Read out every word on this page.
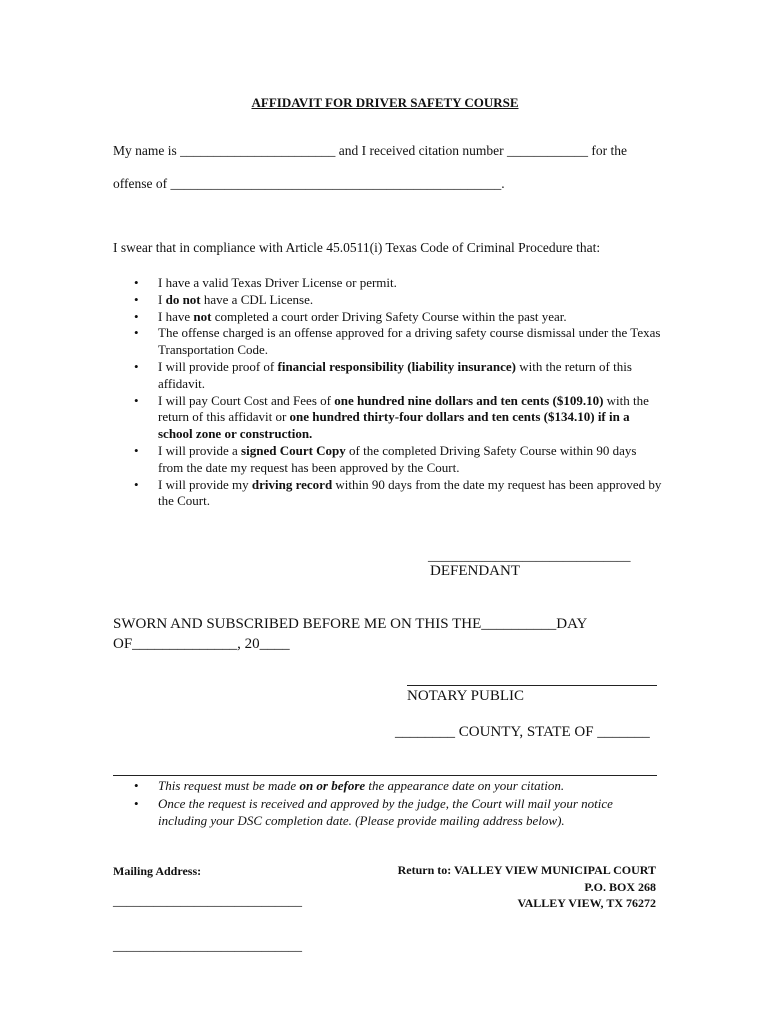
AFFIDAVIT FOR DRIVER SAFETY COURSE
My name is _______________________ and I received citation number ____________ for the
offense of _________________________________________________.
I swear that in compliance with Article 45.0511(i) Texas Code of Criminal Procedure that:
• I have a valid Texas Driver License or permit.
• I do not have a CDL License.
• I have not completed a court order Driving Safety Course within the past year.
• The offense charged is an offense approved for a driving safety course dismissal under the Texas Transportation Code.
• I will provide proof of financial responsibility (liability insurance) with the return of this affidavit.
• I will pay Court Cost and Fees of one hundred nine dollars and ten cents ($109.10) with the return of this affidavit or one hundred thirty-four dollars and ten cents ($134.10) if in a school zone or construction.
• I will provide a signed Court Copy of the completed Driving Safety Course within 90 days from the date my request has been approved by the Court.
• I will provide my driving record within 90 days from the date my request has been approved by the Court.
______________________________
DEFENDANT
SWORN AND SUBSCRIBED BEFORE ME ON THIS THE__________DAY
OF______________, 20____
NOTARY PUBLIC
________ COUNTY, STATE OF _______
• This request must be made on or before the appearance date on your citation.
• Once the request is received and approved by the judge, the Court will mail your notice including your DSC completion date. (Please provide mailing address below).
Mailing Address:
____________________________
____________________________
Return to: VALLEY VIEW MUNICIPAL COURT
P.O. BOX 268
VALLEY VIEW, TX 76272
